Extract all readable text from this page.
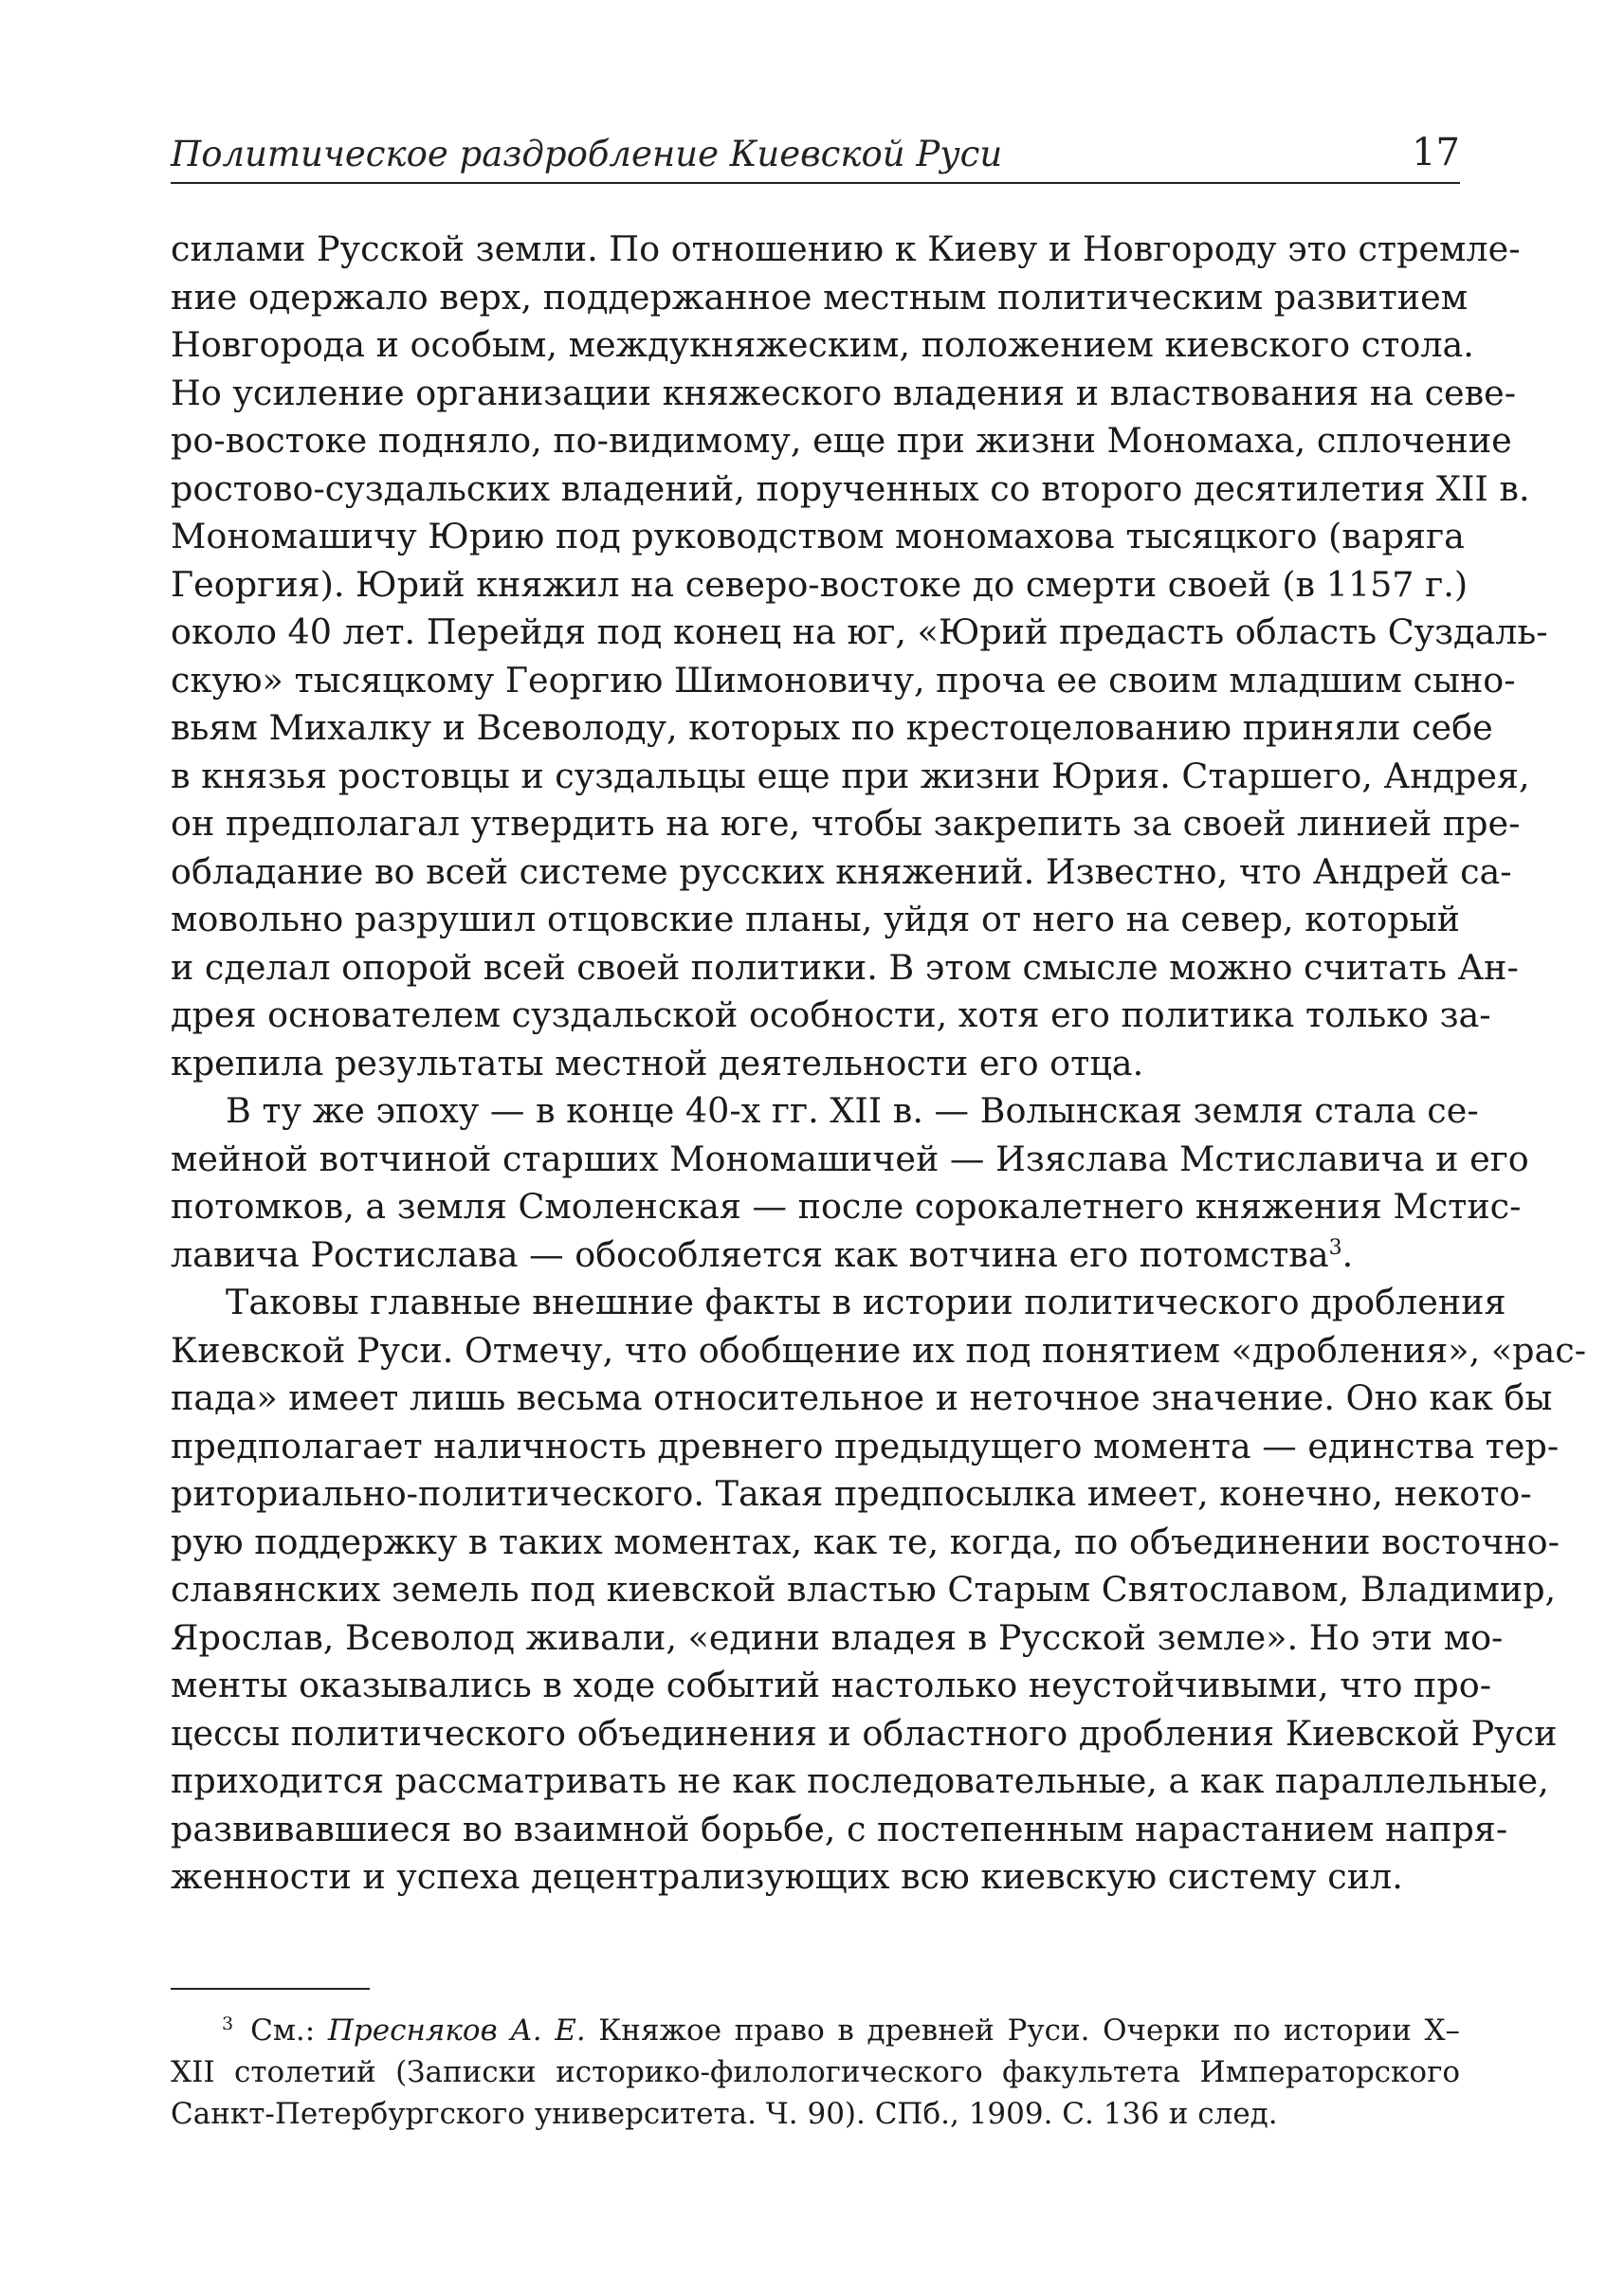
Политическое раздробление Киевской Руси	17
силами Русской земли. По отношению к Киеву и Новгороду это стремле-
ние одержало верх, поддержанное местным политическим развитием
Новгорода и особым, междукняжеским, положением киевского стола.
Но усиление организации княжеского владения и властвования на севе-
ро-востоке подняло, по-видимому, еще при жизни Мономаха, сплочение
ростово-суздальских владений, порученных со второго десятилетия XII в.
Мономашичу Юрию под руководством мономахова тысяцкого (варяга
Георгия). Юрий княжил на северо-востоке до смерти своей (в 1157 г.)
около 40 лет. Перейдя под конец на юг, «Юрий предасть область Суздаль-
скую» тысяцкому Георгию Шимоновичу, проча ее своим младшим сыно-
вьям Михалку и Всеволоду, которых по крестоцелованию приняли себе
в князья ростовцы и суздальцы еще при жизни Юрия. Старшего, Андрея,
он предполагал утвердить на юге, чтобы закрепить за своей линией пре-
обладание во всей системе русских княжений. Известно, что Андрей са-
мовольно разрушил отцовские планы, уйдя от него на север, который
и сделал опорой всей своей политики. В этом смысле можно считать Ан-
дрея основателем суздальской особности, хотя его политика только за-
крепила результаты местной деятельности его отца.
В ту же эпоху — в конце 40-х гг. XII в. — Волынская земля стала се-
мейной вотчиной старших Мономашичей — Изяслава Мстиславича и его
потомков, а земля Смоленская — после сорокалетнего княжения Мстис-
лавича Ростислава — обособляется как вотчина его потомства$^3$.
Таковы главные внешние факты в истории политического дробления
Киевской Руси. Отмечу, что обобщение их под понятием «дробления», «рас-
пада» имеет лишь весьма относительное и неточное значение. Оно как бы
предполагает наличность древнего предыдущего момента — единства тер-
риториально-политического. Такая предпосылка имеет, конечно, некото-
рую поддержку в таких моментах, как те, когда, по объединении восточно-
славянских земель под киевской властью Старым Святославом, Владимир,
Ярослав, Всеволод живали, «едини владея в Русской земле». Но эти мо-
менты оказывались в ходе событий настолько неустойчивыми, что про-
цессы политического объединения и областного дробления Киевской Руси
приходится рассматривать не как последовательные, а как параллельные,
развивавшиеся во взаимной борьбе, с постепенным нарастанием напря-
женности и успеха децентрализующих всю киевскую систему сил.
$^3$ См.: Пресняков А. Е. Княжое право в древней Руси. Очерки по истории X–
XII столетий (Записки историко-филологического факультета Императорского
Санкт-Петербургского университета. Ч. 90). СПб., 1909. С. 136 и след.
